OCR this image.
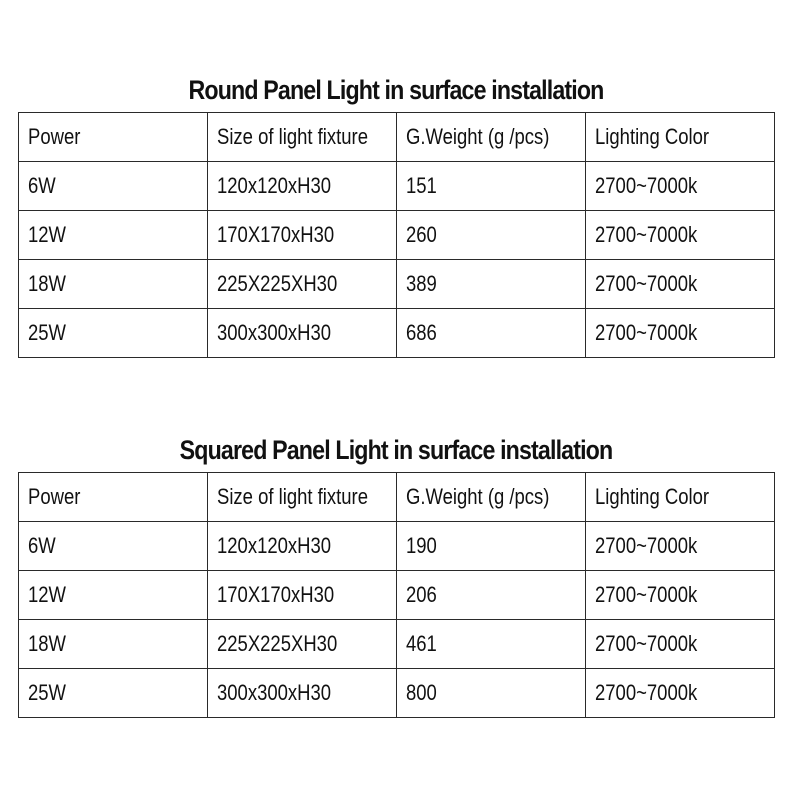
Round Panel Light in surface installation
Power	Size of light fixture	G.Weight (g /pcs)	Lighting Color
6W	120x120xH30	151	2700~7000k
12W	170X170xH30	260	2700~7000k
18W	225X225XH30	389	2700~7000k
25W	300x300xH30	686	2700~7000k
Squared Panel Light in surface installation
Power	Size of light fixture	G.Weight (g /pcs)	Lighting Color
6W	120x120xH30	190	2700~7000k
12W	170X170xH30	206	2700~7000k
18W	225X225XH30	461	2700~7000k
25W	300x300xH30	800	2700~7000k
